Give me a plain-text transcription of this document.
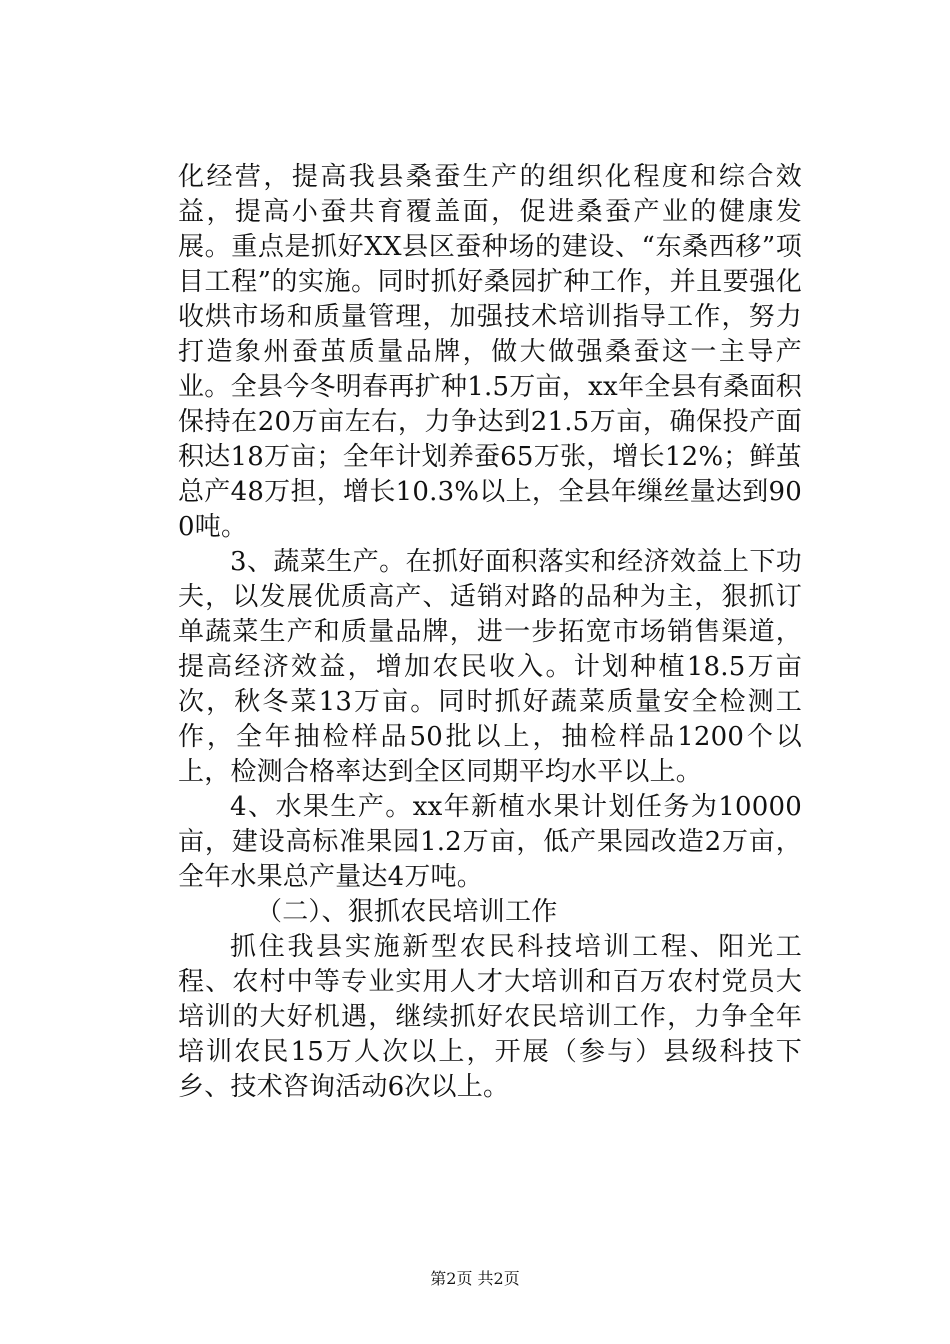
化经营，提高我县桑蚕生产的组织化程度和综合效益，提高小蚕共育覆盖面，促进桑蚕产业的健康发展。重点是抓好XX县区蚕种场的建设、“东桑西移”项目工程”的实施。同时抓好桑园扩种工作，并且要强化收烘市场和质量管理，加强技术培训指导工作，努力打造象州蚕茧质量品牌，做大做强桑蚕这一主导产业。全县今冬明春再扩种1.5万亩，xx年全县有桑面积保持在20万亩左右，力争达到21.5万亩，确保投产面积达18万亩；全年计划养蚕65万张，增长12%；鲜茧总产48万担，增长10.3%以上，全县年缫丝量达到900吨。

3、蔬菜生产。在抓好面积落实和经济效益上下功夫，以发展优质高产、适销对路的品种为主，狠抓订单蔬菜生产和质量品牌，进一步拓宽市场销售渠道，提高经济效益，增加农民收入。计划种植18.5万亩次，秋冬菜13万亩。同时抓好蔬菜质量安全检测工作，全年抽检样品50批以上，抽检样品1200个以上，检测合格率达到全区同期平均水平以上。

4、水果生产。xx年新植水果计划任务为10000亩，建设高标准果园1.2万亩，低产果园改造2万亩，全年水果总产量达4万吨。

（二）、狠抓农民培训工作

抓住我县实施新型农民科技培训工程、阳光工程、农村中等专业实用人才大培训和百万农村党员大培训的大好机遇，继续抓好农民培训工作，力争全年培训农民15万人次以上，开展（参与）县级科技下乡、技术咨询活动6次以上。

第2页 共2页
